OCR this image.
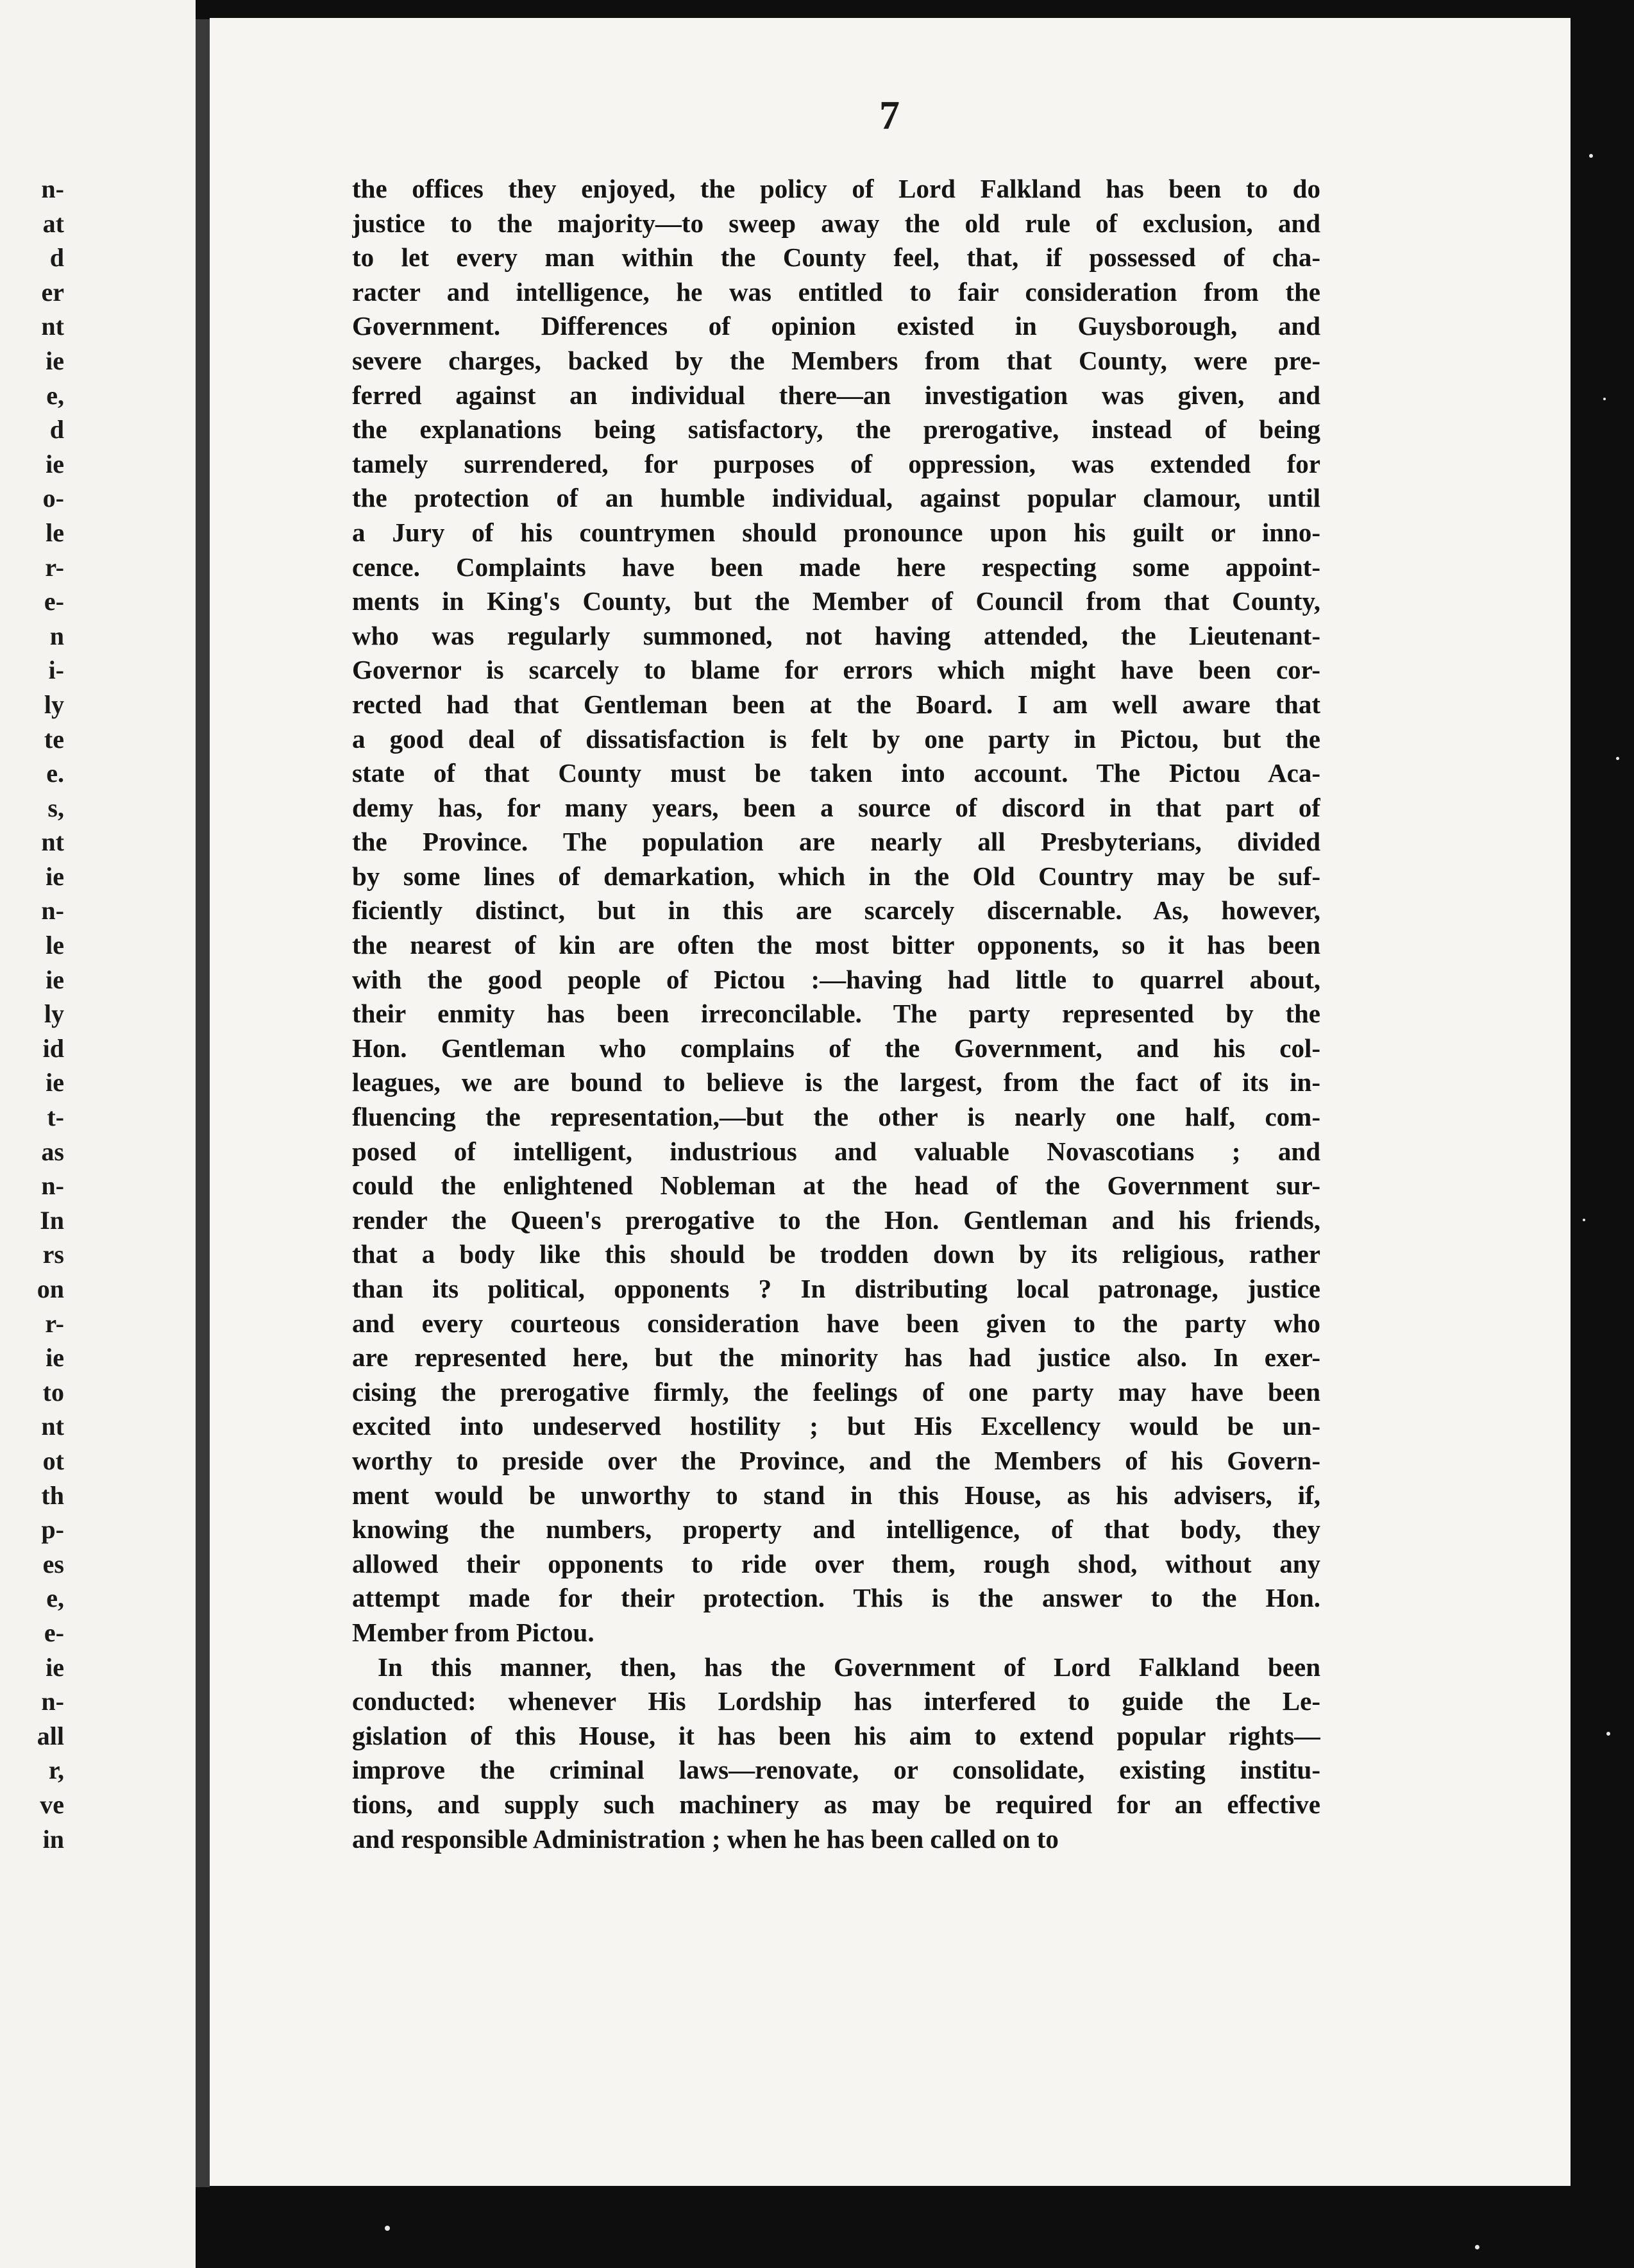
n-
at
d
er
nt
ie
e,
d
ie
o-
le
r-
e-
n
i-
ly
te
e.
s,
nt
ie
n-
le
ie
ly
id
ie
t-
as
n-
In
rs
on
r-
ie
to
nt
ot
th
p-
es
e,
e-
ie
n-
all
r,
ve
in
7
the offices they enjoyed, the policy of Lord Falkland has been to do
justice to the majority—to sweep away the old rule of exclusion, and
to let every man within the County feel, that, if possessed of cha-
racter and intelligence, he was entitled to fair consideration from the
Government. Differences of opinion existed in Guysborough, and
severe charges, backed by the Members from that County, were pre-
ferred against an individual there—an investigation was given, and
the explanations being satisfactory, the prerogative, instead of being
tamely surrendered, for purposes of oppression, was extended for
the protection of an humble individual, against popular clamour, until
a Jury of his countrymen should pronounce upon his guilt or inno-
cence. Complaints have been made here respecting some appoint-
ments in King's County, but the Member of Council from that County,
who was regularly summoned, not having attended, the Lieutenant-
Governor is scarcely to blame for errors which might have been cor-
rected had that Gentleman been at the Board. I am well aware that
a good deal of dissatisfaction is felt by one party in Pictou, but the
state of that County must be taken into account. The Pictou Aca-
demy has, for many years, been a source of discord in that part of
the Province. The population are nearly all Presbyterians, divided
by some lines of demarkation, which in the Old Country may be suf-
ficiently distinct, but in this are scarcely discernable. As, however,
the nearest of kin are often the most bitter opponents, so it has been
with the good people of Pictou :—having had little to quarrel about,
their enmity has been irreconcilable. The party represented by the
Hon. Gentleman who complains of the Government, and his col-
leagues, we are bound to believe is the largest, from the fact of its in-
fluencing the representation,—but the other is nearly one half, com-
posed of intelligent, industrious and valuable Novascotians ; and
could the enlightened Nobleman at the head of the Government sur-
render the Queen's prerogative to the Hon. Gentleman and his friends,
that a body like this should be trodden down by its religious, rather
than its political, opponents ? In distributing local patronage, justice
and every courteous consideration have been given to the party who
are represented here, but the minority has had justice also. In exer-
cising the prerogative firmly, the feelings of one party may have been
excited into undeserved hostility ; but His Excellency would be un-
worthy to preside over the Province, and the Members of his Govern-
ment would be unworthy to stand in this House, as his advisers, if,
knowing the numbers, property and intelligence, of that body, they
allowed their opponents to ride over them, rough shod, without any
attempt made for their protection. This is the answer to the Hon.
Member from Pictou.
In this manner, then, has the Government of Lord Falkland been
conducted: whenever His Lordship has interfered to guide the Le-
gislation of this House, it has been his aim to extend popular rights—
improve the criminal laws—renovate, or consolidate, existing institu-
tions, and supply such machinery as may be required for an effective
and responsible Administration ; when he has been called on to
